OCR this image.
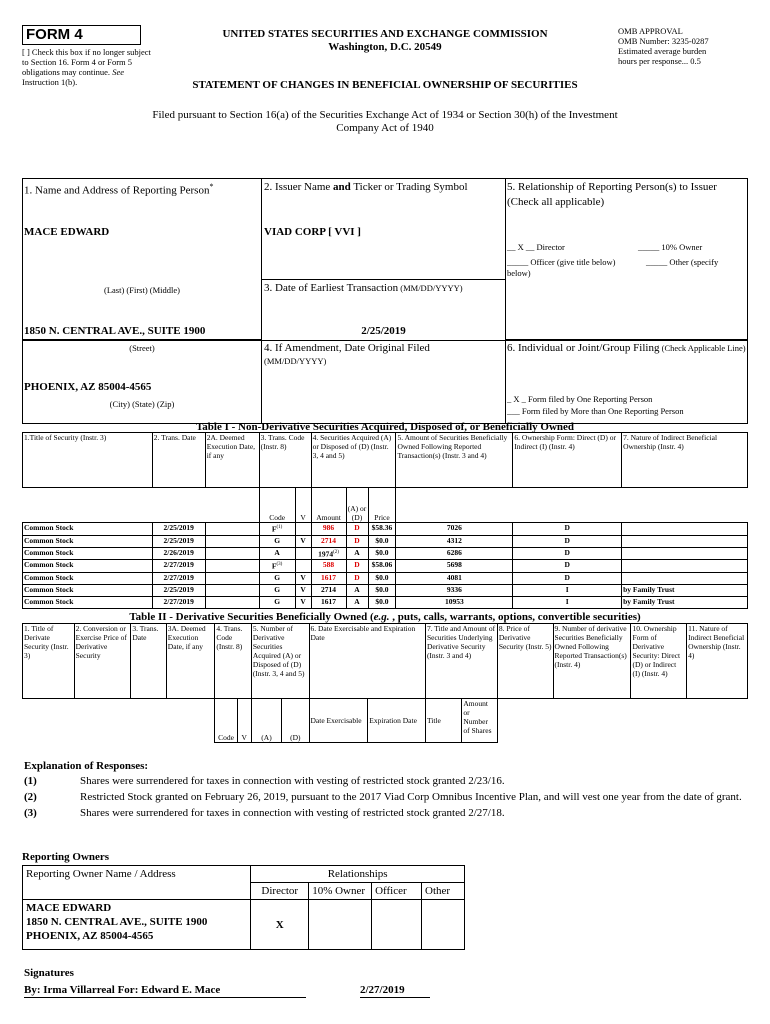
FORM 4
[ ] Check this box if no longer subject to Section 16. Form 4 or Form 5 obligations may continue. See Instruction 1(b).
UNITED STATES SECURITIES AND EXCHANGE COMMISSION
Washington, D.C. 20549
STATEMENT OF CHANGES IN BENEFICIAL OWNERSHIP OF SECURITIES
Filed pursuant to Section 16(a) of the Securities Exchange Act of 1934 or Section 30(h) of the Investment Company Act of 1940
OMB APPROVAL
OMB Number: 3235-0287
Estimated average burden
hours per response... 0.5
1. Name and Address of Reporting Person*
MACE EDWARD
(Last) (First) (Middle)
1850 N. CENTRAL AVE., SUITE 1900
(Street)
PHOENIX, AZ 85004-4565
(City) (State) (Zip)
2. Issuer Name and Ticker or Trading Symbol
VIAD CORP [ VVI ]
3. Date of Earliest Transaction (MM/DD/YYYY)
2/25/2019
4. If Amendment, Date Original Filed
(MM/DD/YYYY)
5. Relationship of Reporting Person(s) to Issuer
(Check all applicable)
__ X __ Director	_____ 10% Owner
_____ Officer (give title below)	_____ Other (specify
below)
6. Individual or Joint/Group Filing (Check Applicable Line)
_ X _ Form filed by One Reporting Person
___ Form filed by More than One Reporting Person
Table I - Non-Derivative Securities Acquired, Disposed of, or Beneficially Owned
1.Title of Security (Instr. 3)	2. Trans. Date	2A. Deemed Execution Date, if any	3. Trans. Code (Instr. 8)		4. Securities Acquired (A) or Disposed of (D) (Instr. 3, 4 and 5)			5. Amount of Securities Beneficially Owned Following Reported Transaction(s) (Instr. 3 and 4)	6. Ownership Form: Direct (D) or Indirect (I) (Instr. 4)	7. Nature of Indirect Beneficial Ownership (Instr. 4)
			Code	V	Amount	(A) or (D)	Price			
Common Stock	2/25/2019		$F^{(1)}$		986	D	$58.36	7026	D	
Common Stock	2/25/2019		G	V	2714	D	$0.0	4312	D	
Common Stock	2/26/2019		A		1974$^{(2)}$	A	$0.0	6286	D	
Common Stock	2/27/2019		$F^{(3)}$		588	D	$58.06	5698	D	
Common Stock	2/27/2019		G	V	1617	D	$0.0	4081	D	
Common Stock	2/25/2019		G	V	2714	A	$0.0	9336	I	by Family Trust
Common Stock	2/27/2019		G	V	1617	A	$0.0	10953	I	by Family Trust
Table II - Derivative Securities Beneficially Owned (e.g. , puts, calls, warrants, options, convertible securities)
1. Title of Derivate Security (Instr. 3)	2. Conversion or Exercise Price of Derivative Security	3. Trans. Date	3A. Deemed Execution Date, if any	4. Trans. Code (Instr. 8)		5. Number of Derivative Securities Acquired (A) or Disposed of (D) (Instr. 3, 4 and 5)		6. Date Exercisable and Expiration Date		7. Title and Amount of Securities Underlying Derivative Security (Instr. 3 and 4)		8. Price of Derivative Security (Instr. 5)	9. Number of derivative Securities Beneficially Owned Following Reported Transaction(s) (Instr. 4)	10. Ownership Form of Derivative Security: Direct (D) or Indirect (I) (Instr. 4)	11. Nature of Indirect Beneficial Ownership (Instr. 4)
				Code	V	(A)	(D)	Date Exercisable	Expiration Date	Title	Amount or Number of Shares				
Explanation of Responses:
(1)	Shares were surrendered for taxes in connection with vesting of restricted stock granted 2/23/16.
(2)	Restricted Stock granted on February 26, 2019, pursuant to the 2017 Viad Corp Omnibus Incentive Plan, and will vest one year from the date of grant.
(3)	Shares were surrendered for taxes in connection with vesting of restricted stock granted 2/27/18.
Reporting Owners
Reporting Owner Name / Address	Relationships			
	Director	10% Owner	Officer	Other

MACE EDWARD
1850 N. CENTRAL AVE., SUITE 1900
PHOENIX, AZ 85004-4565	X			
Signatures
By: Irma Villarreal For: Edward E. Mace	2/27/2019
